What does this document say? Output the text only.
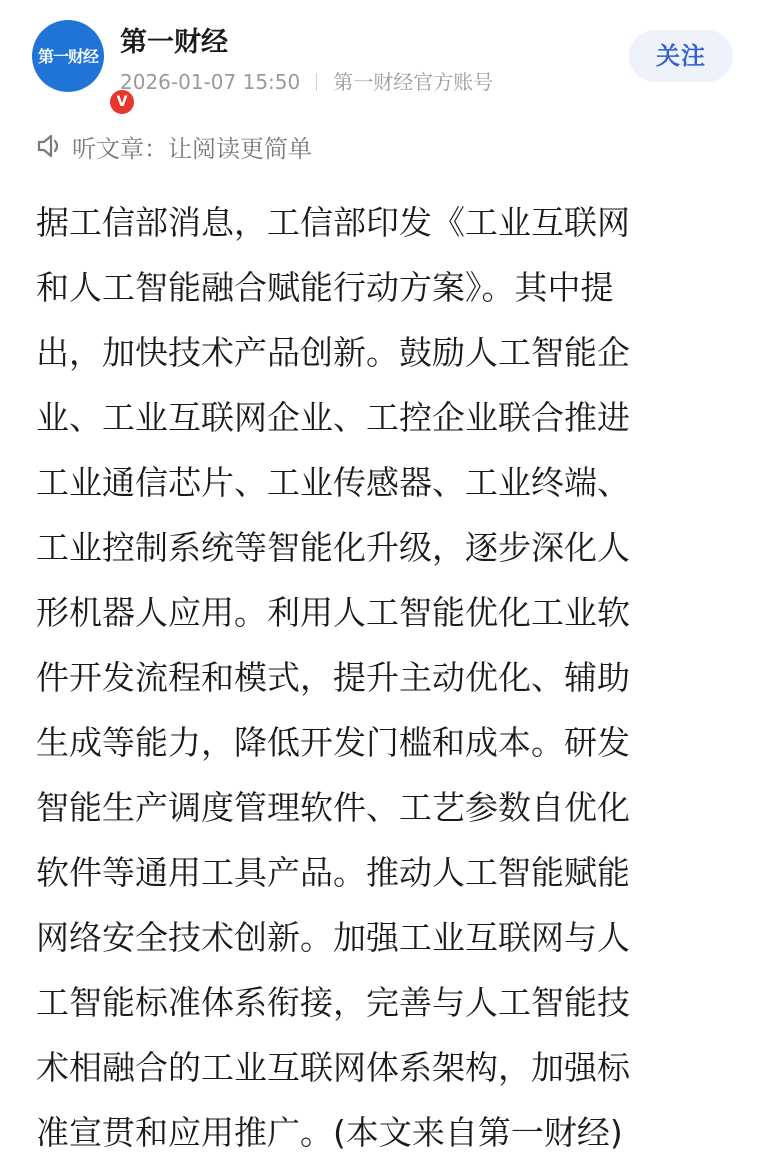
第一财经
V
第一财经
2026-01-07 15:50 第一财经官方账号
关注
听文章：让阅读更简单
据工信部消息，工信部印发《工业互联网
和人工智能融合赋能行动方案》。其中提
出，加快技术产品创新。鼓励人工智能企
业、工业互联网企业、工控企业联合推进
工业通信芯片、工业传感器、工业终端、
工业控制系统等智能化升级，逐步深化人
形机器人应用。利用人工智能优化工业软
件开发流程和模式，提升主动优化、辅助
生成等能力，降低开发门槛和成本。研发
智能生产调度管理软件、工艺参数自优化
软件等通用工具产品。推动人工智能赋能
网络安全技术创新。加强工业互联网与人
工智能标准体系衔接，完善与人工智能技
术相融合的工业互联网体系架构，加强标
准宣贯和应用推广。(本文来自第一财经)
